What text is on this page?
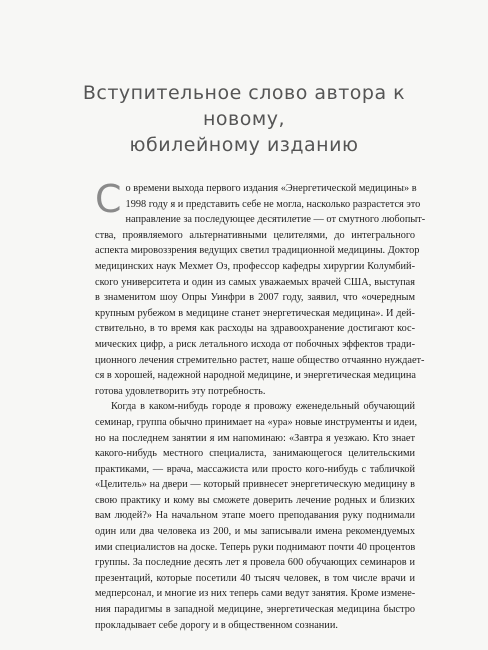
Вступительное слово автора к новому,
юбилейному изданию
С о времени выхода первого издания «Энергетической медицины» в
1998 году я и представить себе не могла, насколько разрастется это
направление за последующее десятилетие — от смутного любопыт-
ства, проявляемого альтернативными целителями, до интегрального
аспекта мировоззрения ведущих светил традиционной медицины. Доктор
медицинских наук Мехмет Оз, профессор кафедры хирургии Колумбий-
ского университета и один из самых уважаемых врачей США, выступая
в знаменитом шоу Опры Уинфри в 2007 году, заявил, что «очередным
крупным рубежом в медицине станет энергетическая медицина». И дей-
ствительно, в то время как расходы на здравоохранение достигают кос-
мических цифр, а риск летального исхода от побочных эффектов тради-
ционного лечения стремительно растет, наше общество отчаянно нуждает-
ся в хорошей, надежной народной медицине, и энергетическая медицина
готова удовлетворить эту потребность.
Когда в каком-нибудь городе я провожу еженедельный обучающий
семинар, группа обычно принимает на «ура» новые инструменты и идеи,
но на последнем занятии я им напоминаю: «Завтра я уезжаю. Кто знает
какого-нибудь местного специалиста, занимающегося целительскими
практиками, — врача, массажиста или просто кого-нибудь с табличкой
«Целитель» на двери — который привнесет энергетическую медицину в
свою практику и кому вы сможете доверить лечение родных и близких
вам людей?» На начальном этапе моего преподавания руку поднимали
один или два человека из 200, и мы записывали имена рекомендуемых
ими специалистов на доске. Теперь руки поднимают почти 40 процентов
группы. За последние десять лет я провела 600 обучающих семинаров и
презентаций, которые посетили 40 тысяч человек, в том числе врачи и
медперсонал, и многие из них теперь сами ведут занятия. Кроме измене-
ния парадигмы в западной медицине, энергетическая медицина быстро
прокладывает себе дорогу и в общественном сознании.
